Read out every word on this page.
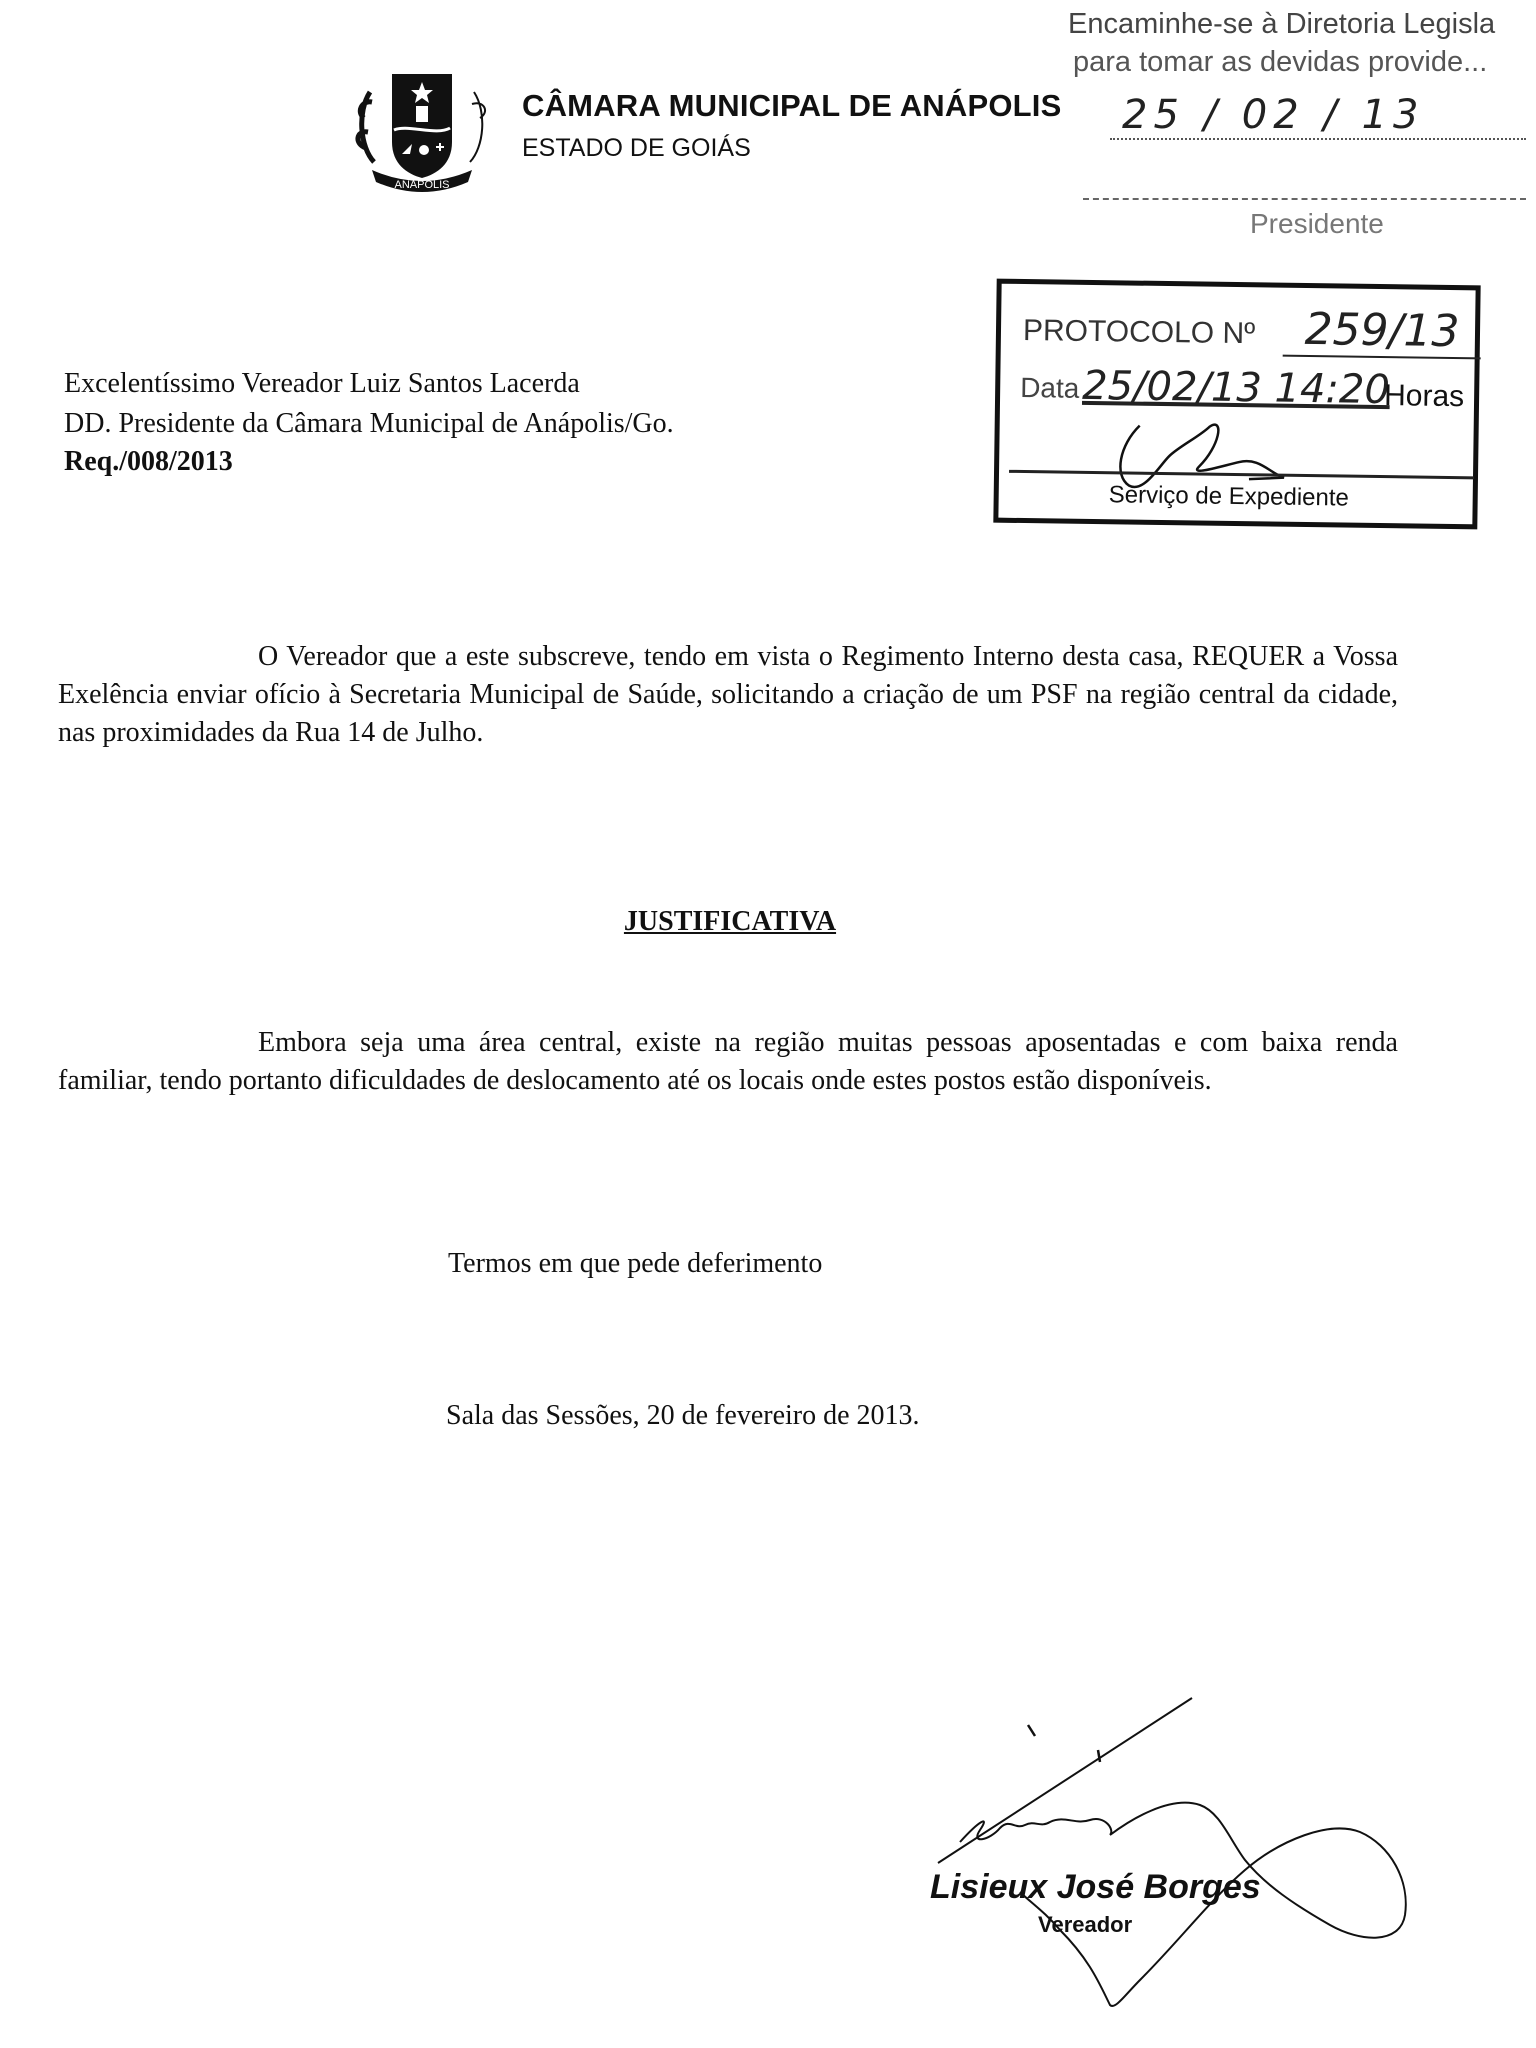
ANÁPOLIS
CÂMARA MUNICIPAL DE ANÁPOLIS
ESTADO DE GOIÁS
Encaminhe-se à Diretoria Legisla
para tomar as devidas provide...
25 / 02 / 13
Presidente
PROTOCOLO Nº	259/13
Data 25/02/13 14:20
Horas
Serviço de Expediente
Excelentíssimo Vereador Luiz Santos Lacerda
DD. Presidente da Câmara Municipal de Anápolis/Go.
Req./008/2013
O Vereador que a este subscreve, tendo em vista o Regimento Interno desta casa, REQUER a Vossa Exelência enviar ofício à Secretaria Municipal de Saúde, solicitando a criação de um PSF na região central da cidade, nas proximidades da Rua 14 de Julho.
JUSTIFICATIVA
Embora seja uma área central, existe na região muitas pessoas aposentadas e com baixa renda familiar, tendo portanto dificuldades de deslocamento até os locais onde estes postos estão disponíveis.
Termos em que pede deferimento
Sala das Sessões, 20 de fevereiro de 2013.
Lisieux José Borges
Vereador
